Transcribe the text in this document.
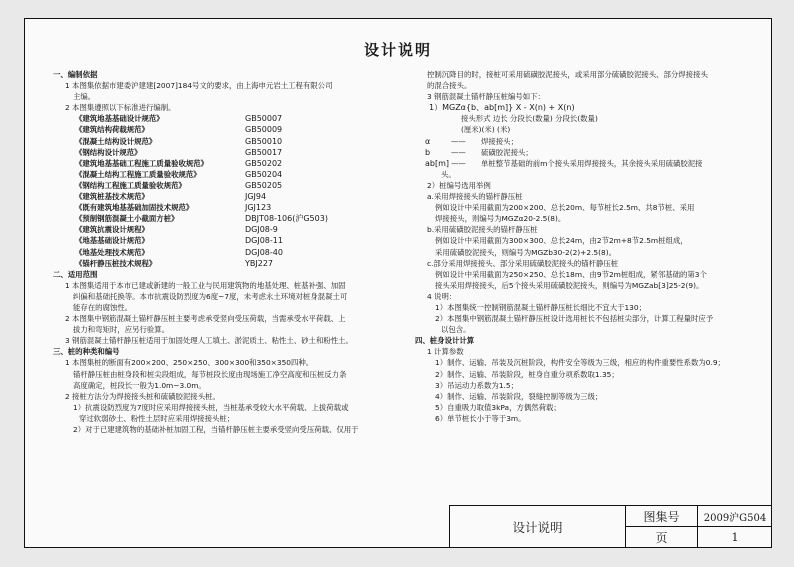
设计说明
一、编制依据
1 本图集依据市建委沪建建[2007]184号文的要求，由上海申元岩土工程有限公司
主编。
2 本图集遵照以下标准进行编制。
《建筑地基基础设计规范》	GB50007
《建筑结构荷载规范》	GB50009
《混凝土结构设计规范》	GB50010
《钢结构设计规范》	GB50017
《建筑地基基础工程施工质量验收规范》	GB50202
《混凝土结构工程施工质量验收规范》	GB50204
《钢结构工程施工质量验收规范》	GB50205
《建筑桩基技术规范》	JGJ94
《既有建筑地基基础加固技术规范》	JGJ123
《预制钢筋混凝土小截面方桩》	DBJT08-106(沪G503)
《建筑抗震设计规程》	DGJ08-9
《地基基础设计规范》	DGJ08-11
《地基处理技术规范》	DGJ08-40
《锚杆静压桩技术规程》	YBJ227
二、适用范围
1 本图集适用于本市已建或新建的一般工业与民用建筑物的地基处理、桩基补强、加固
纠偏和基础托换等。本市抗震设防烈度为6度~7度，未考虑永土环境对桩身混凝土可
能存在的腐蚀性。
2 本图集中钢筋混凝土锚杆静压桩主要考虑承受竖向受压荷载，当需承受水平荷载、上
拔力和弯矩时，应另行验算。
3 钢筋混凝土锚杆静压桩适用于加固处理人工填土、淤泥质土、粘性土、砂土和粉性土。
三、桩的种类和编号
1 本图集桩的断面有200×200、250×250、300×300和350×350四种。
锚杆静压桩由桩身段和桩尖段组成，每节桩段长度由现场施工净空高度和压桩反力条
高度确定，桩段长一般为1.0m~3.0m。
2 接桩方法分为焊接接头桩和硫磺胶泥接头桩。
1）抗震设防烈度为7度时应采用焊接接头桩，当桩基承受较大水平荷载、上拔荷载或
穿过软弱砂土、粉性土层时应采用焊接接头桩；
2）对于已建建筑物的基础补桩加固工程，当锚杆静压桩主要承受竖向受压荷载、仅用于
控制沉降目的时，接桩可采用硫磺胶泥接头，或采用部分硫磺胶泥接头、部分焊接接头
的混合接头。
3 钢筋混凝土锚杆静压桩编号如下：
1）MGZα{b、ab[m]} X - X(n) + X(n)
接头形式 边长 分段长(数量) 分段长(数量)
(厘米)(米) (米)
α	——	焊接接头；
b	——	硫磺胶泥接头；
ab[m] ——	单桩整节基础的前m个接头采用焊接接头，其余接头采用硫磺胶泥接
头。
2）桩编号选用举例
a.采用焊接接头的锚杆静压桩
例如设计中采用截面为200×200、总长20m、每节桩长2.5m、共8节桩、采用
焊接接头，则编号为MGZα20-2.5(8)。
b.采用硫磺胶泥接头的锚杆静压桩
例如设计中采用截面为300×300、总长24m，由2节2m+8节2.5m桩组成，
采用硫磺胶泥接头，则编号为MGZb30-2(2)+2.5(8)。
c.部分采用焊接接头、部分采用硫磺胶泥接头的锚杆静压桩
例如设计中采用截面为250×250、总长18m、由9节2m桩组成，紧邻基础的第3个
接头采用焊接接头，后5个接头采用硫磺胶泥接头，则编号为MGZab[3]25-2(9)。
4 说明：
1）本图集统一控制钢筋混凝土锚杆静压桩长细比不宜大于130；
2）本图集中钢筋混凝土锚杆静压桩设计选用桩长不包括桩尖部分，计算工程量时应予
以包含。
四、桩身设计计算
1 计算参数
1）制作、运输、吊装及沉桩阶段，构件安全等级为三级，相应的构件重要性系数为0.9；
2）制作、运输、吊装阶段，桩身自重分项系数取1.35；
3）吊运动力系数为1.5；
4）制作、运输、吊装阶段，裂缝控制等级为三级；
5）自重吸力取值3kPa，方偶然荷载；
6）单节桩长小于等于3m。
设计说明
图集号	2009沪G504
页	1
